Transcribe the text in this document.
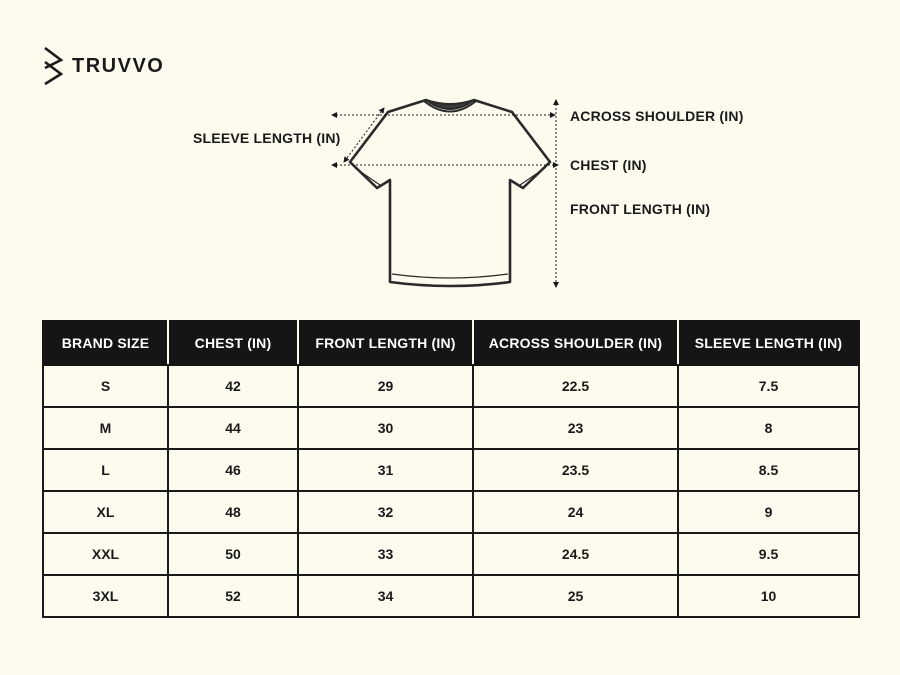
TRUVVO
SLEEVE LENGTH (IN)
ACROSS SHOULDER (IN)
CHEST (IN)
FRONT LENGTH (IN)
BRAND SIZE	CHEST (IN)	FRONT LENGTH (IN)	ACROSS SHOULDER (IN)	SLEEVE LENGTH (IN)
S	42	29	22.5	7.5
M	44	30	23	8
L	46	31	23.5	8.5
XL	48	32	24	9
XXL	50	33	24.5	9.5
3XL	52	34	25	10
